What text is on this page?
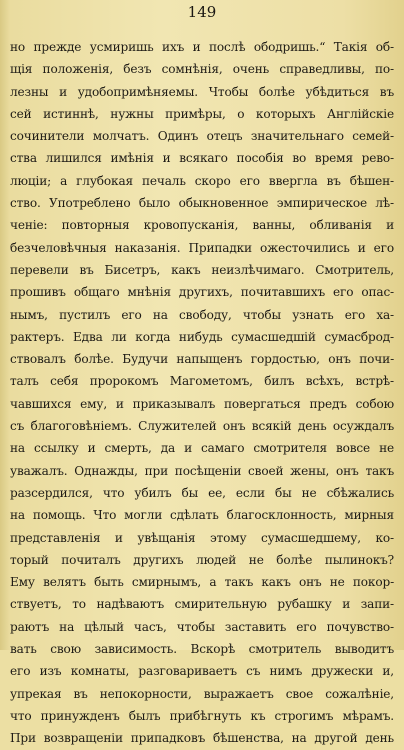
149

но прежде усмиришь ихъ и послѣ ободришь.“ Такія об-
щія положенія, безъ сомнѣнія, очень справедливы, по-
лезны и удобопримѣняемы. Чтобы болѣе убѣдиться въ
сей истиннѣ, нужны примѣры, о которыхъ Англійскіе
сочинители молчатъ. Одинъ отецъ значительнаго семей-
ства лишился имѣнія и всякаго пособія во время рево-
люціи; а глубокая печаль скоро его ввергла въ бѣшен-
ство. Употреблено было обыкновенное эмпирическое лѣ-
ченіе: повторныя кровопусканія, ванны, обливанія и
безчеловѣчныя наказанія. Припадки ожесточились и его
перевели въ Бисетръ, какъ неизлѣчимаго. Смотритель,
прошивъ общаго мнѣнія другихъ, почитавшихъ его опас-
нымъ, пустилъ его на свободу, чтобы узнать его ха-
рактеръ. Едва ли когда нибудь сумасшедшій сумасброд-
ствовалъ болѣе. Будучи напыщенъ гордостью, онъ почи-
талъ себя пророкомъ Магометомъ, билъ всѣхъ, встрѣ-
чавшихся ему, и приказывалъ повергаться предъ собою
съ благоговѣніемъ. Служителей онъ всякій день осуждалъ
на ссылку и смерть, да и самаго смотрителя вовсе не
уважалъ. Однажды, при посѣщеніи своей жены, онъ такъ
разсердился, что убилъ бы ее, если бы не сбѣжались
на помощь. Что могли сдѣлать благосклонность, мирныя
представленія и увѣщанія этому сумасшедшему, ко-
торый почиталъ другихъ людей не болѣе пылинокъ?
Ему велятъ быть смирнымъ, а такъ какъ онъ не покор-
ствуетъ, то надѣваютъ смирительную рубашку и запи-
раютъ на цѣлый часъ, чтобы заставить его почувство-
вать свою зависимость. Вскорѣ смотритель выводитъ
его изъ комнаты, разговариваетъ съ нимъ дружески и,
упрекая въ непокорности, выражаетъ свое сожалѣніе,
что принужденъ былъ прибѣгнуть къ строгимъ мѣрамъ.
При возвращеніи припадковъ бѣшенства, на другой день
